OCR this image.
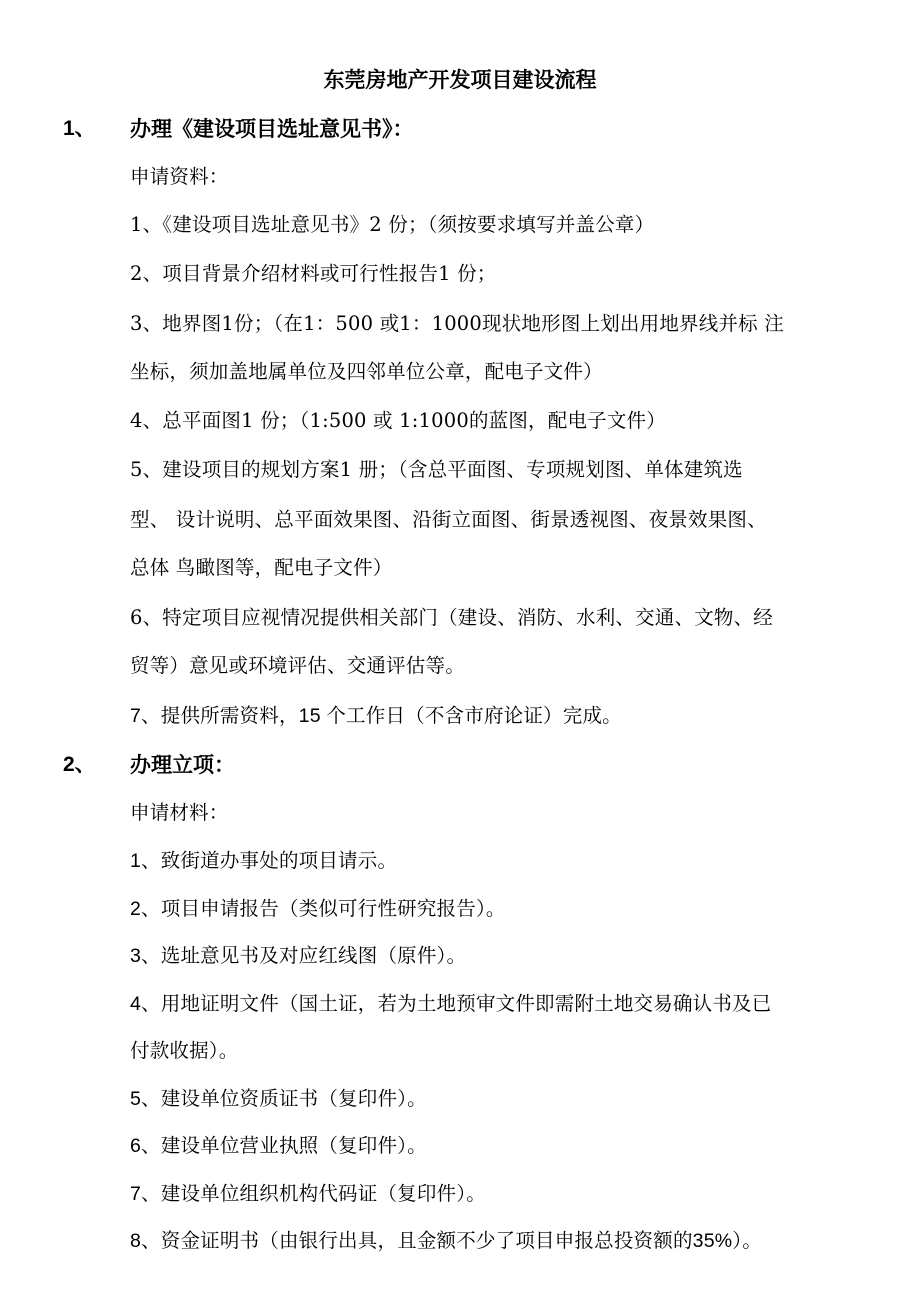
东莞房地产开发项目建设流程
1、 办理《建设项目选址意见书》：
申请资料：
1、《建设项目选址意见书》2 份；（须按要求填写并盖公章）
2、项目背景介绍材料或可行性报告1 份；
3、地界图1份；（在1：500 或1：1000现状地形图上划出用地界线并标 注
坐标，须加盖地属单位及四邻单位公章，配电子文件）
4、总平面图1 份；（1:500 或 1:1000的蓝图，配电子文件）
5、建设项目的规划方案1 册；（含总平面图、专项规划图、单体建筑选
型、 设计说明、总平面效果图、沿街立面图、街景透视图、夜景效果图、
总体 鸟瞰图等，配电子文件）
6、特定项目应视情况提供相关部门（建设、消防、水利、交通、文物、经
贸等）意见或环境评估、交通评估等。
7、提供所需资料，15 个工作日（不含市府论证）完成。
2、 办理立项：
申请材料：
1、致街道办事处的项目请示。
2、项目申请报告（类似可行性研究报告）。
3、选址意见书及对应红线图（原件）。
4、用地证明文件（国土证，若为土地预审文件即需附土地交易确认书及已
付款收据）。
5、建设单位资质证书（复印件）。
6、建设单位营业执照（复印件）。
7、建设单位组织机构代码证（复印件）。
8、资金证明书（由银行出具，且金额不少了项目申报总投资额的35%）。
